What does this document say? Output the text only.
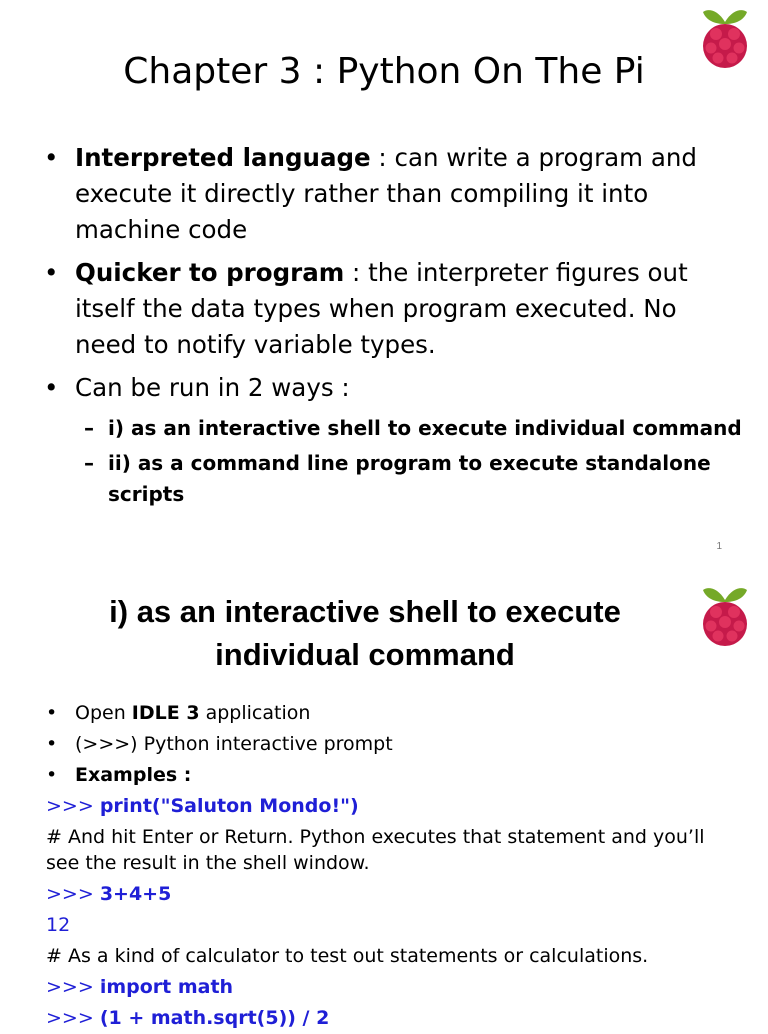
Chapter 3 : Python On The Pi
• Interpreted language : can write a program and execute it directly rather than compiling it into machine code
• Quicker to program : the interpreter figures out itself the data types when program executed. No need to notify variable types.
• Can be run in 2 ways :
– i) as an interactive shell to execute individual command
– ii) as a command line program to execute standalone scripts
1
i) as an interactive shell to execute
individual command
• Open IDLE 3 application
• (>>>) Python interactive prompt
• Examples :
>>> print("Saluton Mondo!")
# And hit Enter or Return. Python executes that statement and you’ll see the result in the shell window.
>>> 3+4+5
12
# As a kind of calculator to test out statements or calculations.
>>> import math
>>> (1 + math.sqrt(5)) / 2
